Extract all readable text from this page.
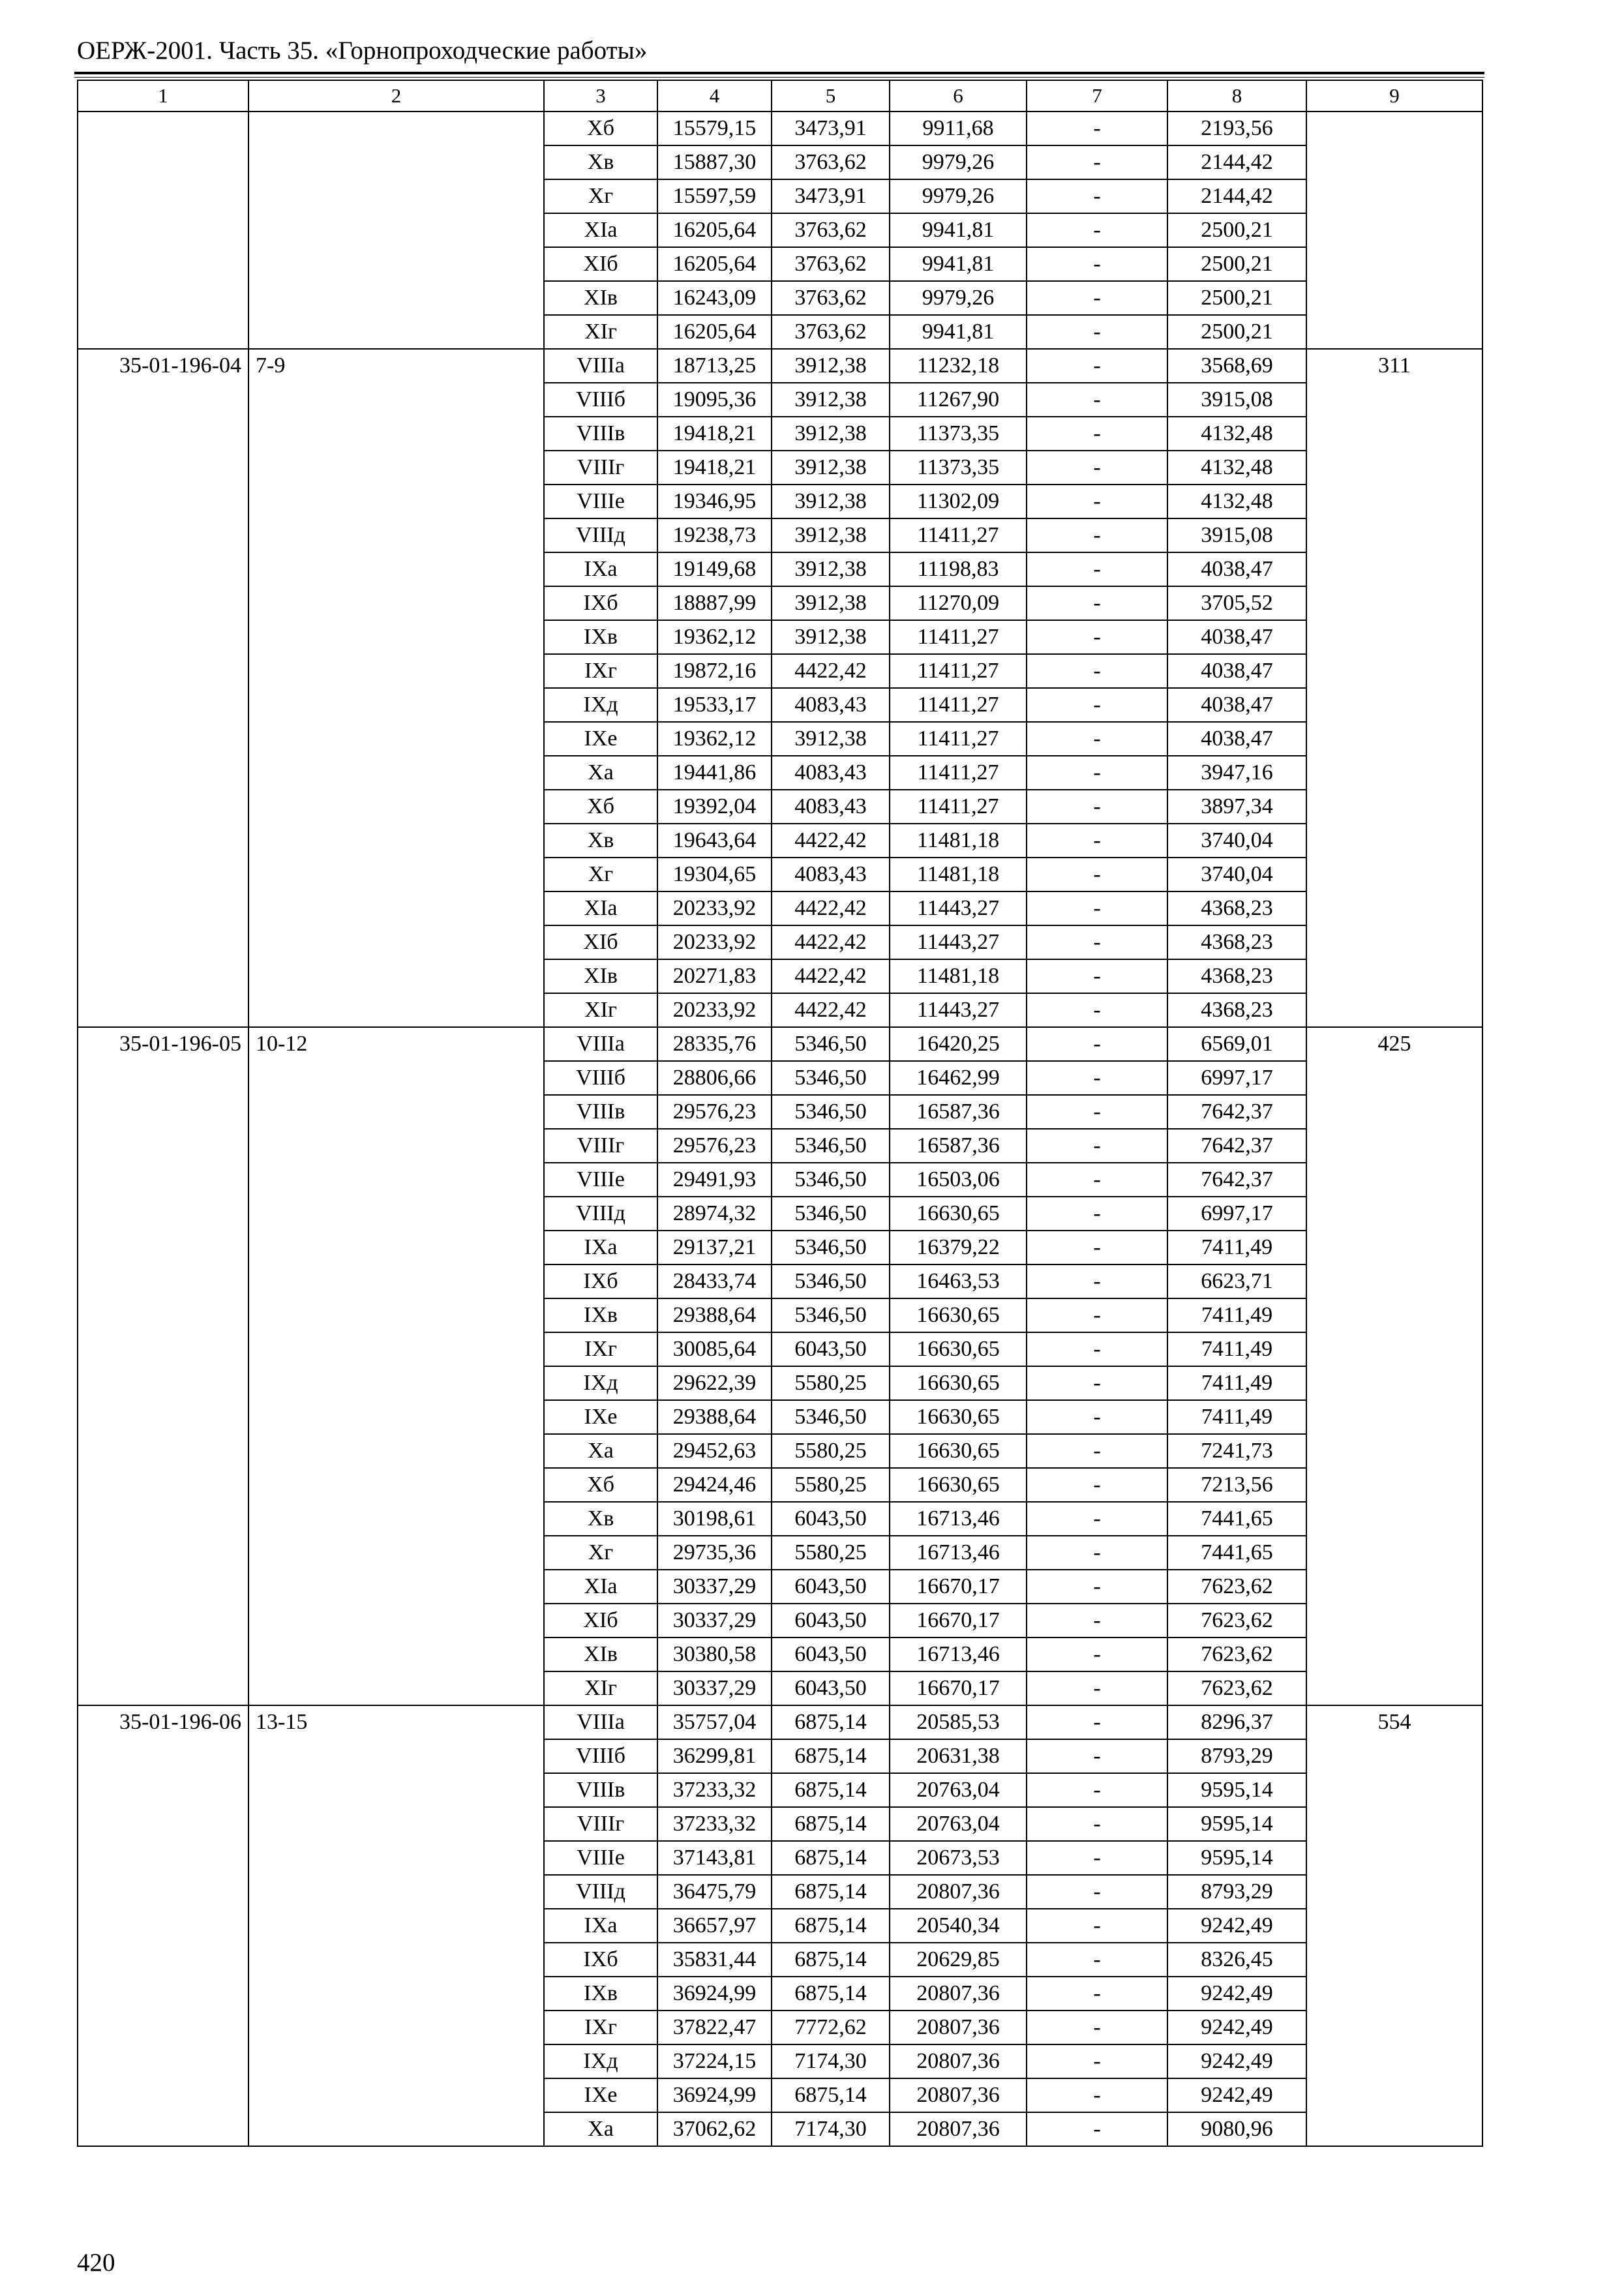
ОЕРЖ-2001. Часть 35. «Горнопроходческие работы»
1	2	3	4	5	6	7	8	9
		Хб	15579,15	3473,91	9911,68	-	2193,56	
		Хв	15887,30	3763,62	9979,26	-	2144,42	
		Хг	15597,59	3473,91	9979,26	-	2144,42	
		ХIа	16205,64	3763,62	9941,81	-	2500,21	
		ХIб	16205,64	3763,62	9941,81	-	2500,21	
		ХIв	16243,09	3763,62	9979,26	-	2500,21	
		ХIг	16205,64	3763,62	9941,81	-	2500,21	
35-01-196-04	7-9	VIIIа	18713,25	3912,38	11232,18	-	3568,69	311
		VIIIб	19095,36	3912,38	11267,90	-	3915,08	
		VIIIв	19418,21	3912,38	11373,35	-	4132,48	
		VIIIг	19418,21	3912,38	11373,35	-	4132,48	
		VIIIе	19346,95	3912,38	11302,09	-	4132,48	
		VIIIд	19238,73	3912,38	11411,27	-	3915,08	
		IХа	19149,68	3912,38	11198,83	-	4038,47	
		IХб	18887,99	3912,38	11270,09	-	3705,52	
		IХв	19362,12	3912,38	11411,27	-	4038,47	
		IХг	19872,16	4422,42	11411,27	-	4038,47	
		IХд	19533,17	4083,43	11411,27	-	4038,47	
		IХе	19362,12	3912,38	11411,27	-	4038,47	
		Ха	19441,86	4083,43	11411,27	-	3947,16	
		Хб	19392,04	4083,43	11411,27	-	3897,34	
		Хв	19643,64	4422,42	11481,18	-	3740,04	
		Хг	19304,65	4083,43	11481,18	-	3740,04	
		ХIа	20233,92	4422,42	11443,27	-	4368,23	
		ХIб	20233,92	4422,42	11443,27	-	4368,23	
		ХIв	20271,83	4422,42	11481,18	-	4368,23	
		ХIг	20233,92	4422,42	11443,27	-	4368,23	
35-01-196-05	10-12	VIIIа	28335,76	5346,50	16420,25	-	6569,01	425
		VIIIб	28806,66	5346,50	16462,99	-	6997,17	
		VIIIв	29576,23	5346,50	16587,36	-	7642,37	
		VIIIг	29576,23	5346,50	16587,36	-	7642,37	
		VIIIе	29491,93	5346,50	16503,06	-	7642,37	
		VIIIд	28974,32	5346,50	16630,65	-	6997,17	
		IХа	29137,21	5346,50	16379,22	-	7411,49	
		IХб	28433,74	5346,50	16463,53	-	6623,71	
		IХв	29388,64	5346,50	16630,65	-	7411,49	
		IХг	30085,64	6043,50	16630,65	-	7411,49	
		IХд	29622,39	5580,25	16630,65	-	7411,49	
		IХе	29388,64	5346,50	16630,65	-	7411,49	
		Ха	29452,63	5580,25	16630,65	-	7241,73	
		Хб	29424,46	5580,25	16630,65	-	7213,56	
		Хв	30198,61	6043,50	16713,46	-	7441,65	
		Хг	29735,36	5580,25	16713,46	-	7441,65	
		ХIа	30337,29	6043,50	16670,17	-	7623,62	
		ХIб	30337,29	6043,50	16670,17	-	7623,62	
		ХIв	30380,58	6043,50	16713,46	-	7623,62	
		ХIг	30337,29	6043,50	16670,17	-	7623,62	
35-01-196-06	13-15	VIIIа	35757,04	6875,14	20585,53	-	8296,37	554
		VIIIб	36299,81	6875,14	20631,38	-	8793,29	
		VIIIв	37233,32	6875,14	20763,04	-	9595,14	
		VIIIг	37233,32	6875,14	20763,04	-	9595,14	
		VIIIе	37143,81	6875,14	20673,53	-	9595,14	
		VIIIд	36475,79	6875,14	20807,36	-	8793,29	
		IХа	36657,97	6875,14	20540,34	-	9242,49	
		IХб	35831,44	6875,14	20629,85	-	8326,45	
		IХв	36924,99	6875,14	20807,36	-	9242,49	
		IХг	37822,47	7772,62	20807,36	-	9242,49	
		IХд	37224,15	7174,30	20807,36	-	9242,49	
		IХе	36924,99	6875,14	20807,36	-	9242,49	
		Ха	37062,62	7174,30	20807,36	-	9080,96	
420
